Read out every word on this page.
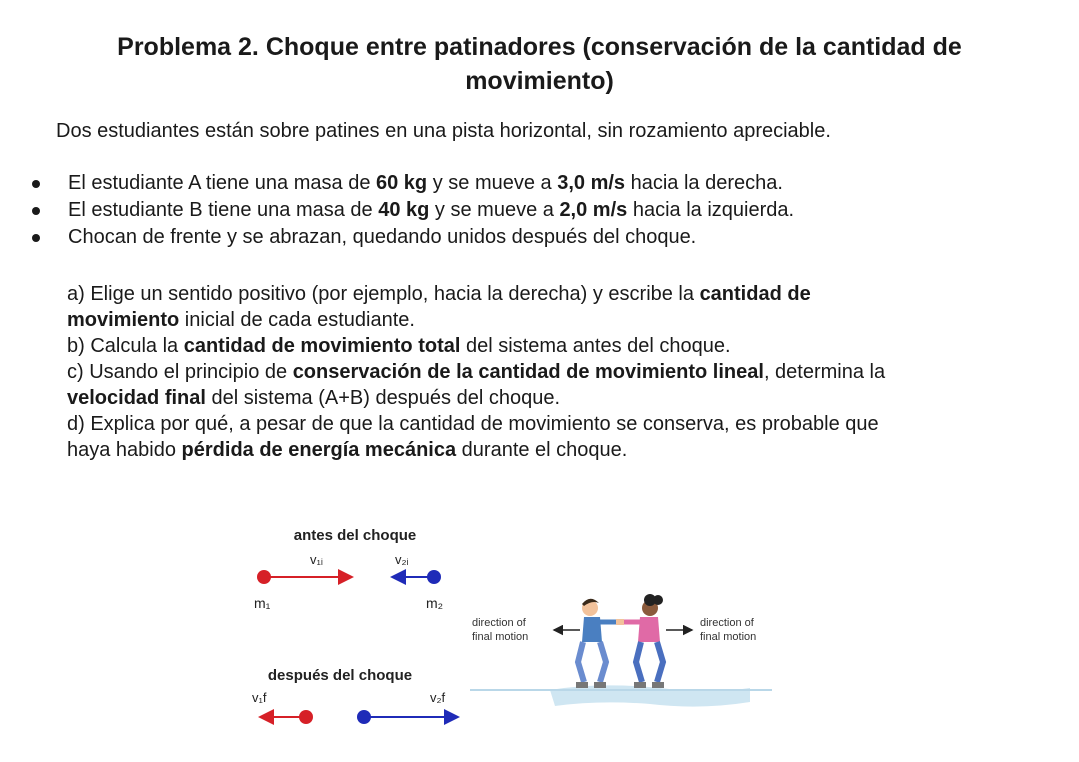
Problema 2. Choque entre patinadores (conservación de la cantidad de
movimiento)
Dos estudiantes están sobre patines en una pista horizontal, sin rozamiento apreciable.
El estudiante A tiene una masa de 60 kg y se mueve a 3,0 m/s hacia la derecha.
El estudiante B tiene una masa de 40 kg y se mueve a 2,0 m/s hacia la izquierda.
Chocan de frente y se abrazan, quedando unidos después del choque.

a) Elige un sentido positivo (por ejemplo, hacia la derecha) y escribe la cantidad de
movimiento inicial de cada estudiante.

b) Calcula la cantidad de movimiento total del sistema antes del choque.

c) Usando el principio de conservación de la cantidad de movimiento lineal, determina la
velocidad final del sistema (A+B) después del choque.

d) Explica por qué, a pesar de que la cantidad de movimiento se conserva, es probable que
haya habido pérdida de energía mecánica durante el choque.

antes del choque
v₁ᵢ	v₂ᵢ
m₁	m₂
después del choque
v₁f	v₂f
direction of
final motion
direction of
final motion
